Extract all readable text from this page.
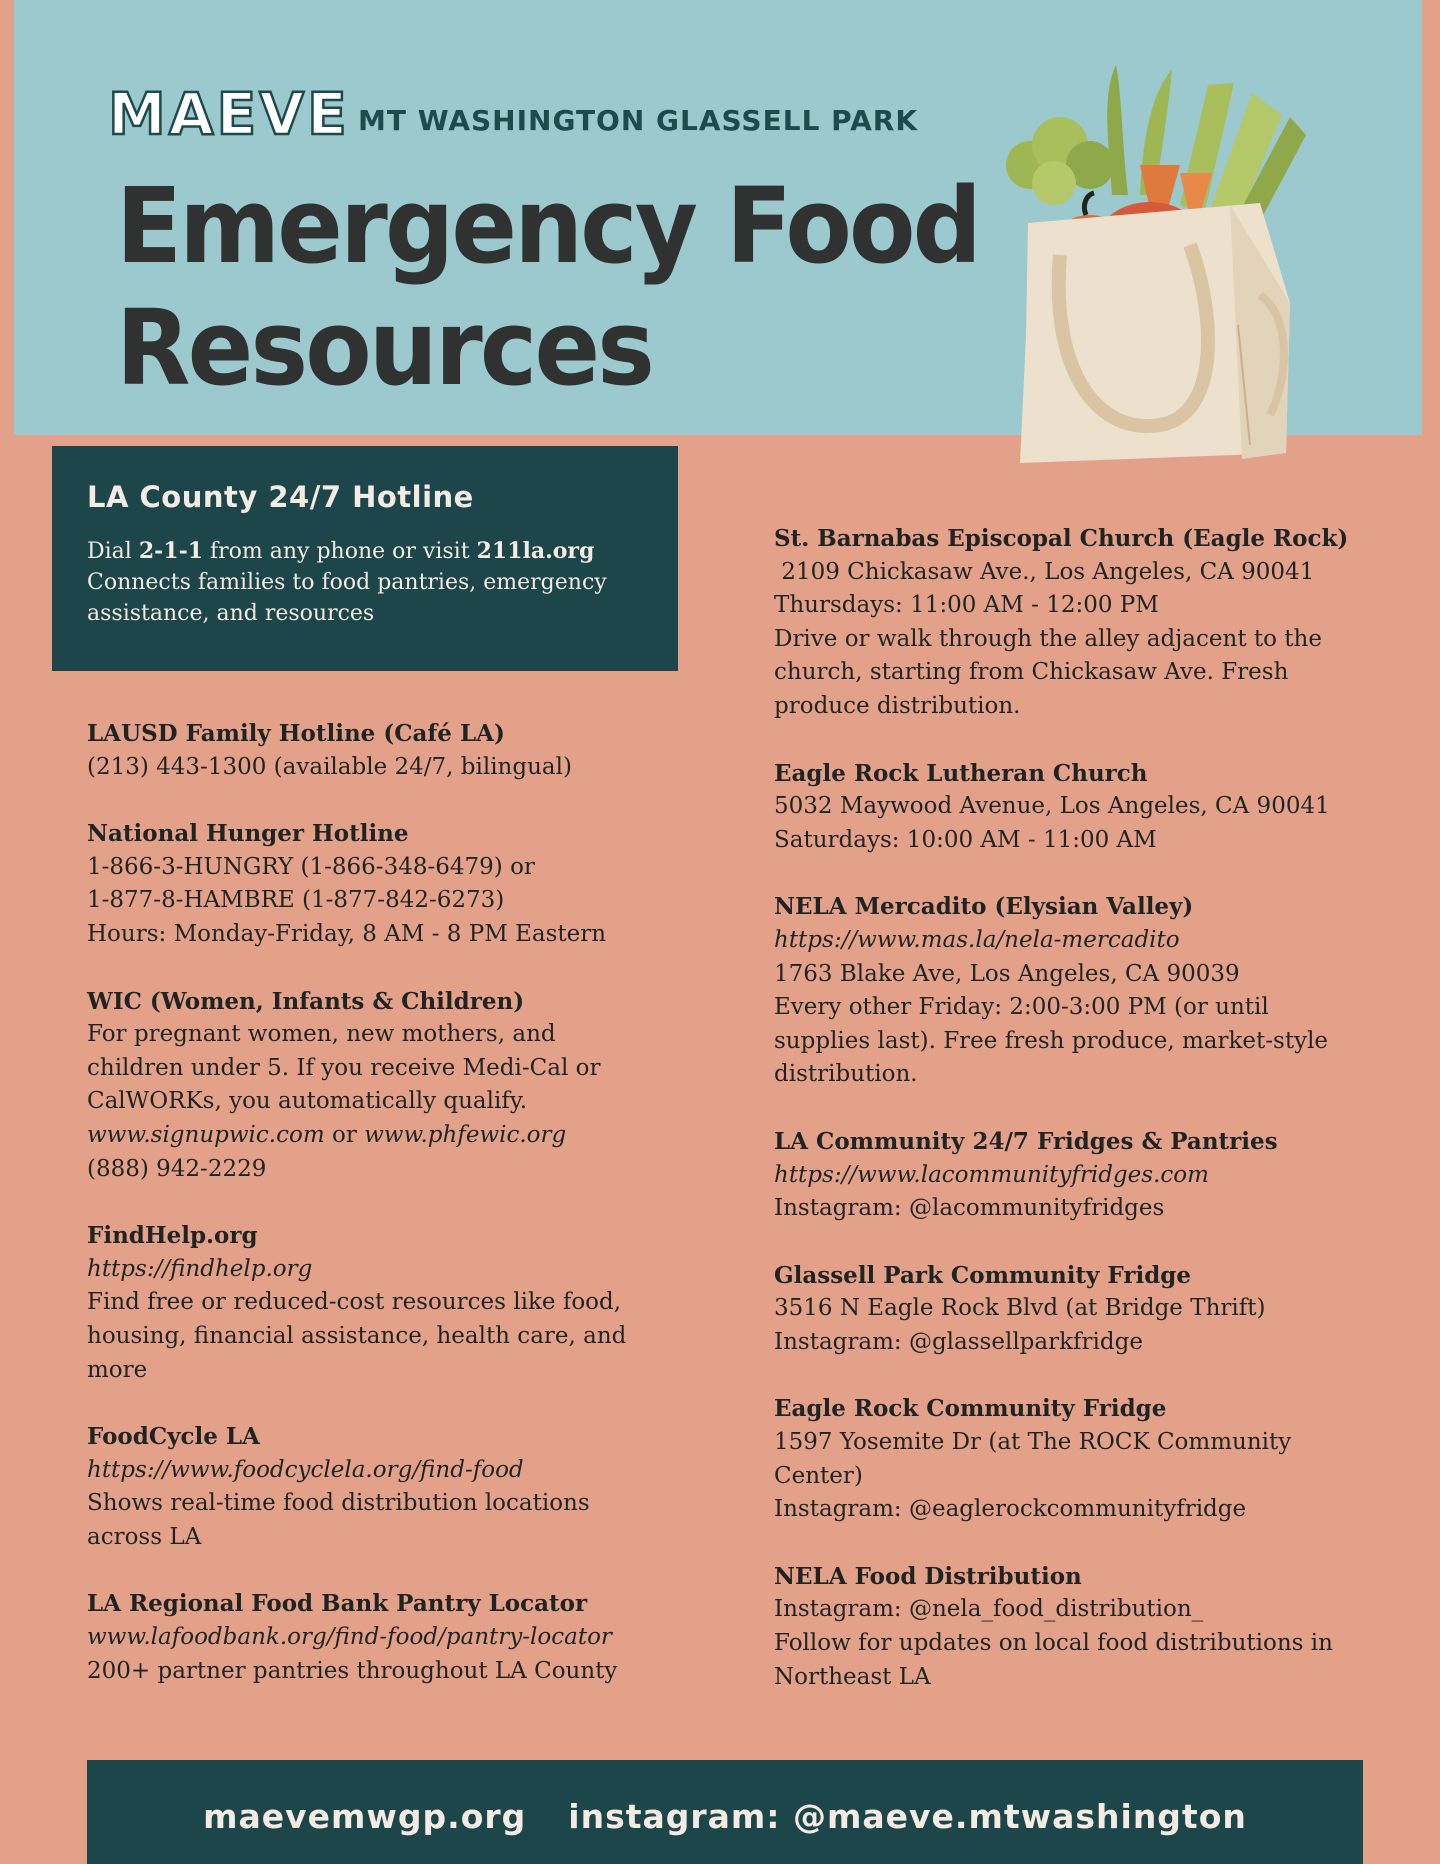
MAEVE MT WASHINGTON GLASSELL PARK
Emergency Food
Resources
LA County 24/7 Hotline
Dial 2-1-1 from any phone or visit 211la.org
Connects families to food pantries, emergency assistance, and resources
LAUSD Family Hotline (Café LA)
(213) 443-1300 (available 24/7, bilingual)
National Hunger Hotline
1-866-3-HUNGRY (1-866-348-6479) or
1-877-8-HAMBRE (1-877-842-6273)
Hours: Monday-Friday, 8 AM - 8 PM Eastern
WIC (Women, Infants & Children)
For pregnant women, new mothers, and children under 5. If you receive Medi-Cal or CalWORKs, you automatically qualify.
www.signupwic.com or www.phfewic.org
(888) 942-2229
FindHelp.org
https://findhelp.org
Find free or reduced-cost resources like food, housing, financial assistance, health care, and more
FoodCycle LA
https://www.foodcyclela.org/find-food
Shows real-time food distribution locations across LA
LA Regional Food Bank Pantry Locator
www.lafoodbank.org/find-food/pantry-locator
200+ partner pantries throughout LA County
St. Barnabas Episcopal Church (Eagle Rock)
2109 Chickasaw Ave., Los Angeles, CA 90041
Thursdays: 11:00 AM - 12:00 PM
Drive or walk through the alley adjacent to the church, starting from Chickasaw Ave. Fresh produce distribution.
Eagle Rock Lutheran Church
5032 Maywood Avenue, Los Angeles, CA 90041
Saturdays: 10:00 AM - 11:00 AM
NELA Mercadito (Elysian Valley)
https://www.mas.la/nela-mercadito
1763 Blake Ave, Los Angeles, CA 90039
Every other Friday: 2:00-3:00 PM (or until supplies last). Free fresh produce, market-style distribution.
LA Community 24/7 Fridges & Pantries
https://www.lacommunityfridges.com
Instagram: @lacommunityfridges
Glassell Park Community Fridge
3516 N Eagle Rock Blvd (at Bridge Thrift)
Instagram: @glassellparkfridge
Eagle Rock Community Fridge
1597 Yosemite Dr (at The ROCK Community Center)
Instagram: @eaglerockcommunityfridge
NELA Food Distribution
Instagram: @nela_food_distribution_
Follow for updates on local food distributions in Northeast LA
maevemwgp.org instagram: @maeve.mtwashington
